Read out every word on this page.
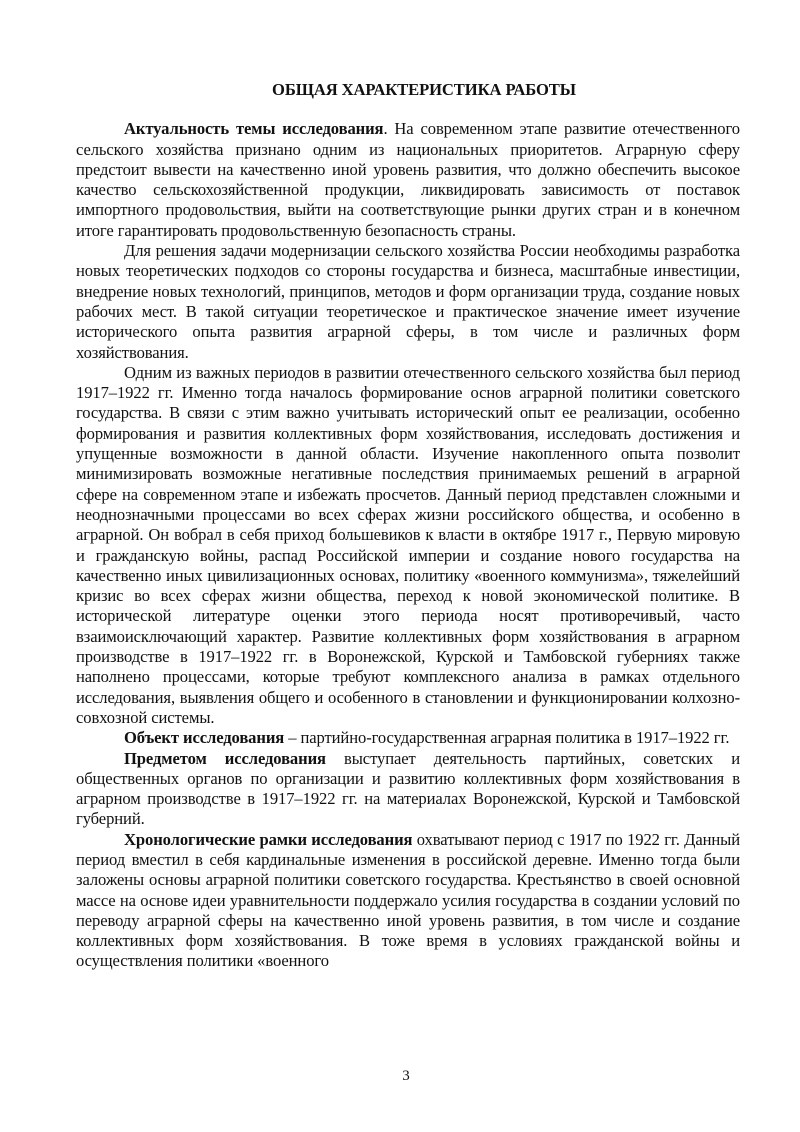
ОБЩАЯ ХАРАКТЕРИСТИКА РАБОТЫ

Актуальность темы исследования. На современном этапе развитие отечественного сельского хозяйства признано одним из национальных приоритетов. Аграрную сферу предстоит вывести на качественно иной уровень развития, что должно обеспечить высокое качество сельскохозяйственной продукции, ликвидировать зависимость от поставок импортного продовольствия, выйти на соответствующие рынки других стран и в конечном итоге гарантировать продовольственную безопасность страны.

Для решения задачи модернизации сельского хозяйства России необходимы разработка новых теоретических подходов со стороны государства и бизнеса, масштабные инвестиции, внедрение новых технологий, принципов, методов и форм организации труда, создание новых рабочих мест. В такой ситуации теоретическое и практическое значение имеет изучение исторического опыта развития аграрной сферы, в том числе и различных форм хозяйствования.

Одним из важных периодов в развитии отечественного сельского хозяйства был период 1917–1922 гг. Именно тогда началось формирование основ аграрной политики советского государства. В связи с этим важно учитывать исторический опыт ее реализации, особенно формирования и развития коллективных форм хозяйствования, исследовать достижения и упущенные возможности в данной области. Изучение накопленного опыта позволит минимизировать возможные негативные последствия принимаемых решений в аграрной сфере на современном этапе и избежать просчетов. Данный период представлен сложными и неоднозначными процессами во всех сферах жизни российского общества, и особенно в аграрной. Он вобрал в себя приход большевиков к власти в октябре 1917 г., Первую мировую и гражданскую войны, распад Российской империи и создание нового государства на качественно иных цивилизационных основах, политику «военного коммунизма», тяжелейший кризис во всех сферах жизни общества, переход к новой экономической политике. В исторической литературе оценки этого периода носят противоречивый, часто взаимоисключающий характер. Развитие коллективных форм хозяйствования в аграрном производстве в 1917–1922 гг. в Воронежской, Курской и Тамбовской губерниях также наполнено процессами, которые требуют комплексного анализа в рамках отдельного исследования, выявления общего и особенного в становлении и функционировании колхозно-совхозной системы.

Объект исследования – партийно-государственная аграрная политика в 1917–1922 гг.

Предметом исследования выступает деятельность партийных, советских и общественных органов по организации и развитию коллективных форм хозяйствования в аграрном производстве в 1917–1922 гг. на материалах Воронежской, Курской и Тамбовской губерний.

Хронологические рамки исследования охватывают период с 1917 по 1922 гг. Данный период вместил в себя кардинальные изменения в российской деревне. Именно тогда были заложены основы аграрной политики советского государства. Крестьянство в своей основной массе на основе идеи уравнительности поддержало усилия государства в создании условий по переводу аграрной сферы на качественно иной уровень развития, в том числе и создание коллективных форм хозяйствования. В тоже время в условиях гражданской войны и осуществления политики «военного

3
